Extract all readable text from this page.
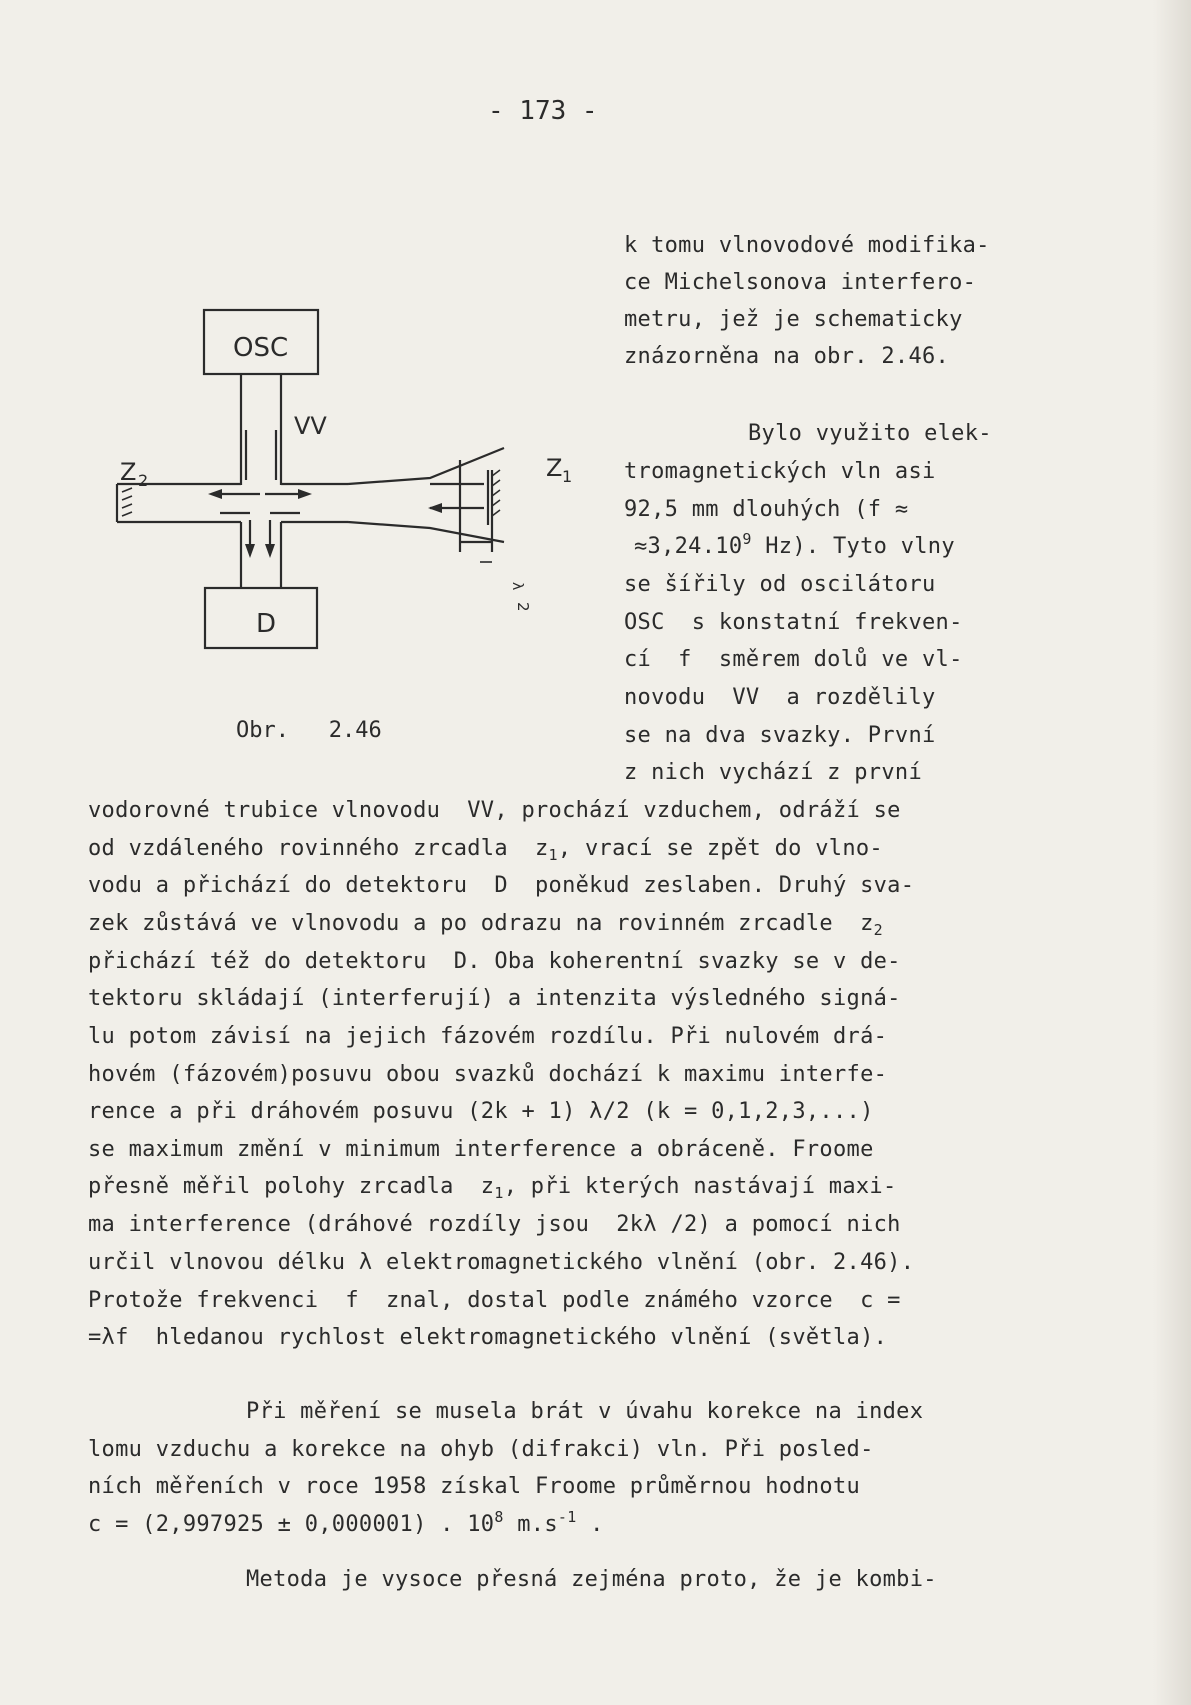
- 173 -
OSC
VV
Z 2	Z 1
D
λ
2
Obr.   2.46
k tomu vlnovodové modifika-
ce Michelsonova interfero-
metru, jež je schematicky
znázorněna na obr. 2.46.
Bylo využito elek-
tromagnetických vln asi
92,5 mm dlouhých (f ≈
$\approx 3,24.10^9$ Hz). Tyto vlny
se šířily od oscilátoru
OSC  s konstatní frekven-
cí  f  směrem dolů ve vl-
novodu  VV  a rozdělily
se na dva svazky. První
z nich vychází z první
vodorovné trubice vlnovodu  VV, prochází vzduchem, odráží se
od vzdáleného rovinného zrcadla  $z_1$, vrací se zpět do vlno-
vodu a přichází do detektoru  D  poněkud zeslaben. Druhý sva-
zek zůstává ve vlnovodu a po odrazu na rovinném zrcadle  $z_2$
přichází též do detektoru  D. Oba koherentní svazky se v de-
tektoru skládají (interferují) a intenzita výsledného signá-
lu potom závisí na jejich fázovém rozdílu. Při nulovém drá-
hovém (fázovém)posuvu obou svazků dochází k maximu interfe-
rence a při dráhovém posuvu (2k + 1) λ/2 (k = 0,1,2,3,...)
se maximum změní v minimum interference a obráceně. Froome
přesně měřil polohy zrcadla  $z_1$, při kterých nastávají maxi-
ma interference (dráhové rozdíly jsou  2kλ /2) a pomocí nich
určil vlnovou délku λ elektromagnetického vlnění (obr. 2.46).
Protože frekvenci  f  znal, dostal podle známého vzorce  c =
=λf  hledanou rychlost elektromagnetického vlnění (světla).
Při měření se musela brát v úvahu korekce na index
lomu vzduchu a korekce na ohyb (difrakci) vln. Při posled-
ních měřeních v roce 1958 získal Froome průměrnou hodnotu
c = (2,997925 ± 0,000001) . $10^8$ $m.s^{-1}$ .
Metoda je vysoce přesná zejména proto, že je kombi-
